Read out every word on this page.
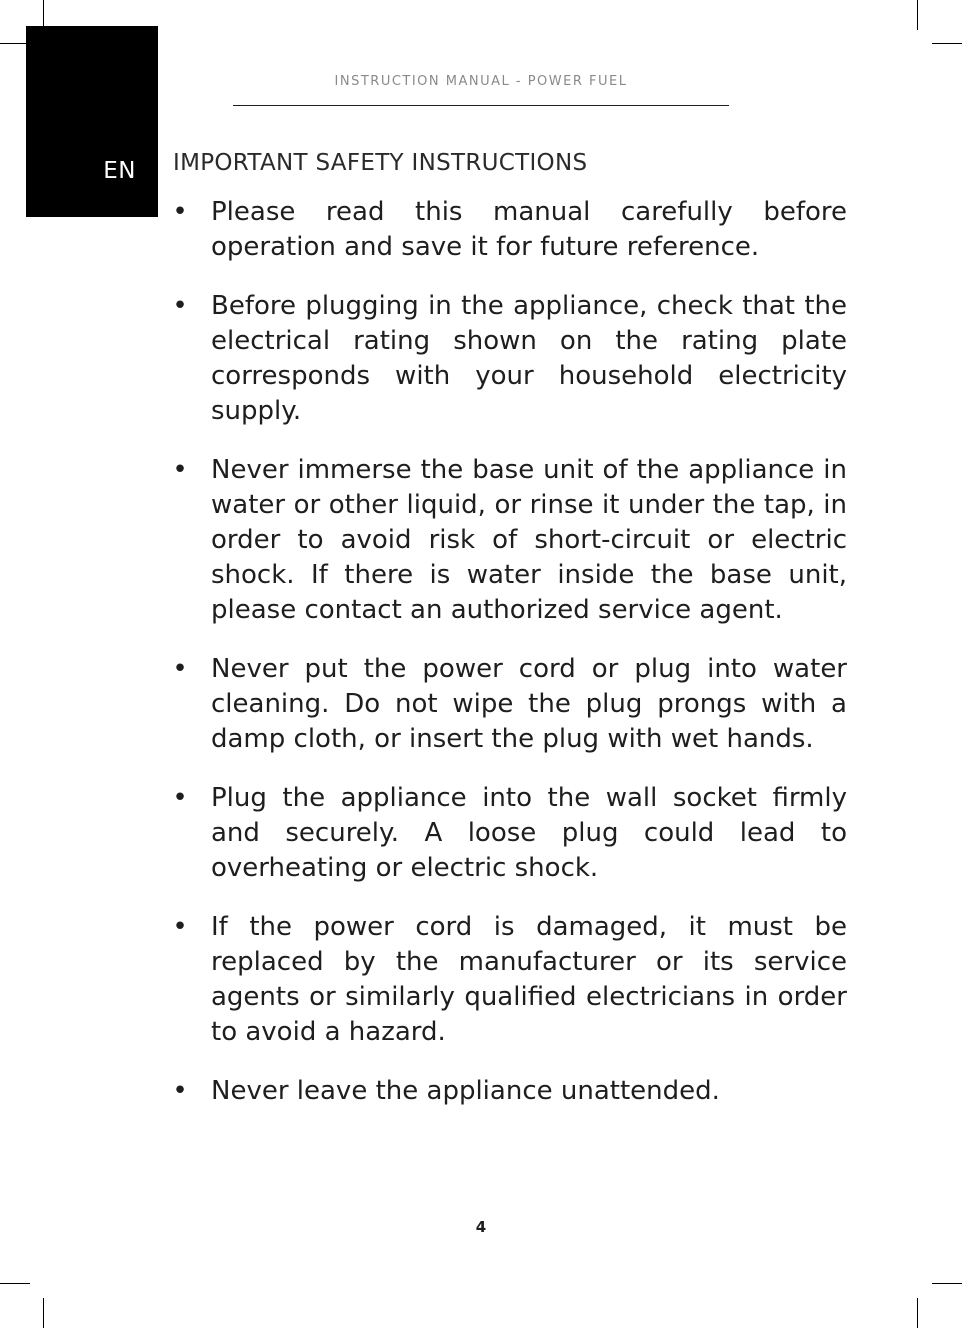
EN
INSTRUCTION MANUAL - POWER FUEL
IMPORTANT SAFETY INSTRUCTIONS
• Please read this manual carefully before operation and save it for future reference.
• Before plugging in the appliance, check that the electrical rating shown on the rating plate corresponds with your household electricity supply.
• Never immerse the base unit of the appliance in water or other liquid, or rinse it under the tap, in order to avoid risk of short-circuit or electric shock. If there is water inside the base unit, please contact an authorized service agent.
• Never put the power cord or plug into water cleaning. Do not wipe the plug prongs with a damp cloth, or insert the plug with wet hands.
• Plug the appliance into the wall socket firmly and securely. A loose plug could lead to overheating or electric shock.
• If the power cord is damaged, it must be replaced by the manufacturer or its service agents or similarly qualified electricians in order to avoid a hazard.
• Never leave the appliance unattended.
4
